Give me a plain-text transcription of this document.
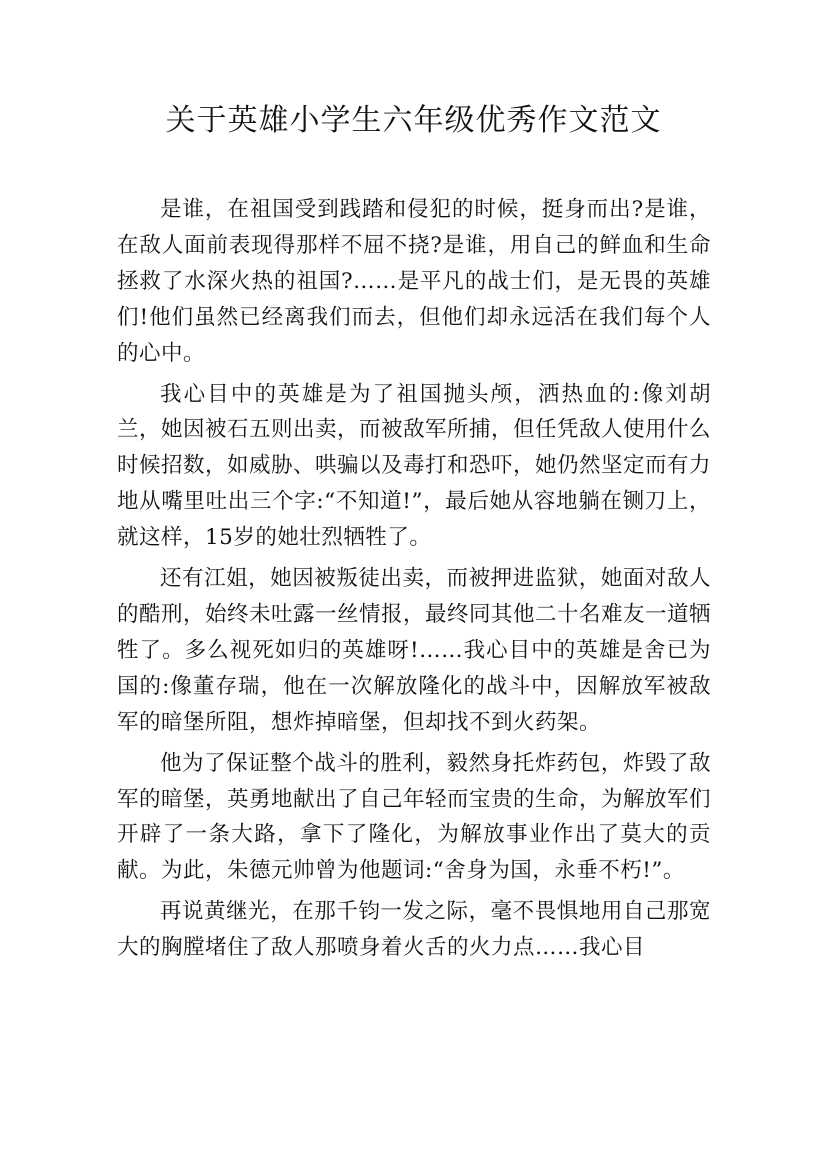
关于英雄小学生六年级优秀作文范文

是谁，在祖国受到践踏和侵犯的时候，挺身而出?是谁，在敌人面前表现得那样不屈不挠?是谁，用自己的鲜血和生命拯救了水深火热的祖国?……是平凡的战士们，是无畏的英雄们!他们虽然已经离我们而去，但他们却永远活在我们每个人的心中。

我心目中的英雄是为了祖国抛头颅，洒热血的:像刘胡兰，她因被石五则出卖，而被敌军所捕，但任凭敌人使用什么时候招数，如威胁、哄骗以及毒打和恐吓，她仍然坚定而有力地从嘴里吐出三个字:“不知道!”，最后她从容地躺在铡刀上，就这样，15岁的她壮烈牺牲了。

还有江姐，她因被叛徒出卖，而被押进监狱，她面对敌人的酷刑，始终未吐露一丝情报，最终同其他二十名难友一道牺牲了。多么视死如归的英雄呀!……我心目中的英雄是舍已为国的:像董存瑞，他在一次解放隆化的战斗中，因解放军被敌军的暗堡所阻，想炸掉暗堡，但却找不到火药架。

他为了保证整个战斗的胜利，毅然身托炸药包，炸毁了敌军的暗堡，英勇地献出了自己年轻而宝贵的生命，为解放军们开辟了一条大路，拿下了隆化，为解放事业作出了莫大的贡献。为此，朱德元帅曾为他题词:“舍身为国，永垂不朽!”。

再说黄继光，在那千钧一发之际，毫不畏惧地用自己那宽大的胸膛堵住了敌人那喷身着火舌的火力点……我心目
